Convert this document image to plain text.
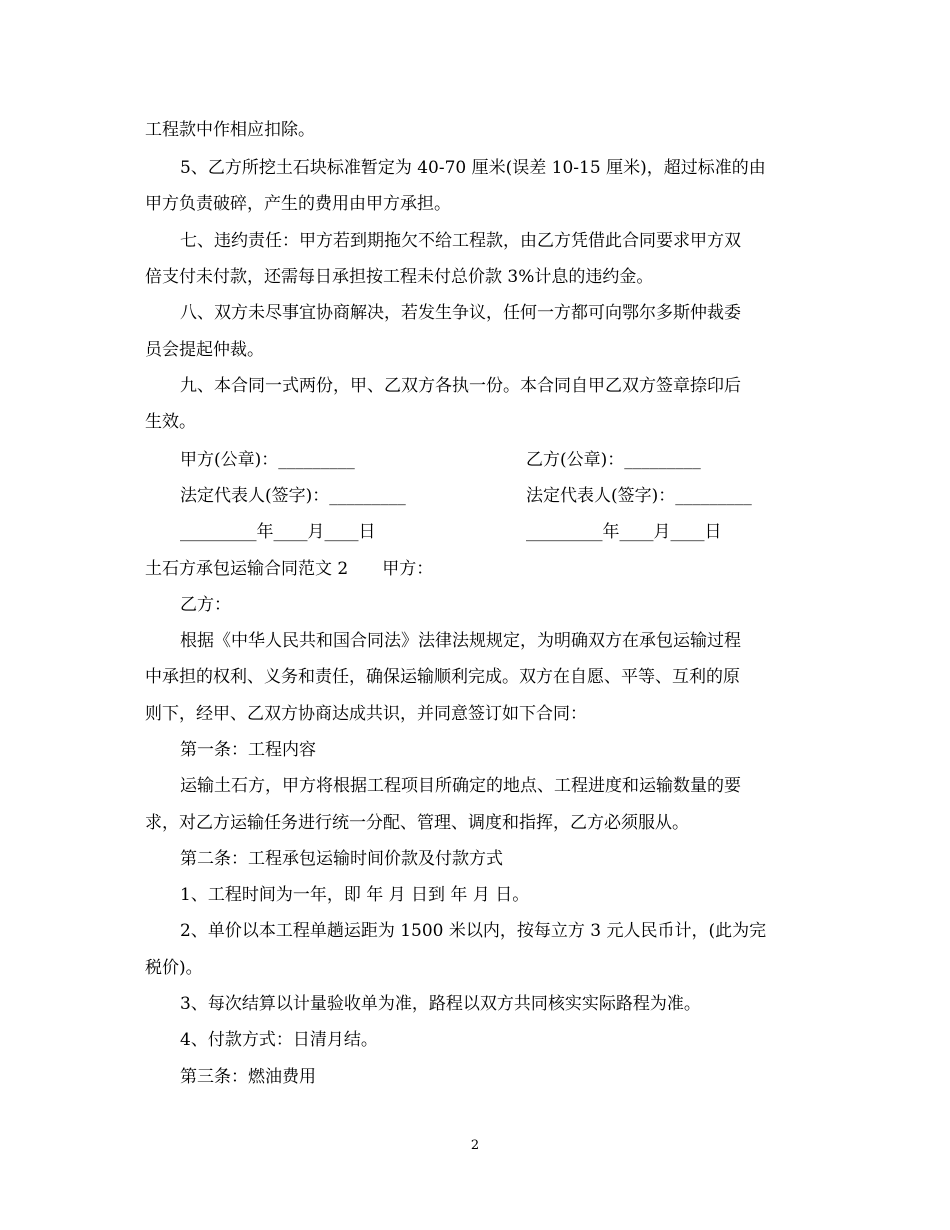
工程款中作相应扣除。
5、乙方所挖土石块标准暂定为 40-70 厘米(误差 10-15 厘米)，超过标准的由
甲方负责破碎，产生的费用由甲方承担。
七、违约责任：甲方若到期拖欠不给工程款，由乙方凭借此合同要求甲方双
倍支付未付款，还需每日承担按工程未付总价款 3%计息的违约金。
八、双方未尽事宜协商解决，若发生争议，任何一方都可向鄂尔多斯仲裁委
员会提起仲裁。
九、本合同一式两份，甲、乙双方各执一份。本合同自甲乙双方签章捺印后
生效。
甲方(公章)：_________	乙方(公章)：_________
法定代表人(签字)：_________	法定代表人(签字)：_________
_________年____月____日	_________年____月____日
土石方承包运输合同范文 2　　甲方：
乙方：
根据《中华人民共和国合同法》法律法规规定，为明确双方在承包运输过程
中承担的权利、义务和责任，确保运输顺利完成。双方在自愿、平等、互利的原
则下，经甲、乙双方协商达成共识，并同意签订如下合同：
第一条：工程内容
运输土石方，甲方将根据工程项目所确定的地点、工程进度和运输数量的要
求，对乙方运输任务进行统一分配、管理、调度和指挥，乙方必须服从。
第二条：工程承包运输时间价款及付款方式
1、工程时间为一年，即 年 月 日到 年 月 日。
2、单价以本工程单趟运距为 1500 米以内，按每立方 3 元人民币计，(此为完
税价)。
3、每次结算以计量验收单为准，路程以双方共同核实实际路程为准。
4、付款方式：日清月结。
第三条：燃油费用
2
